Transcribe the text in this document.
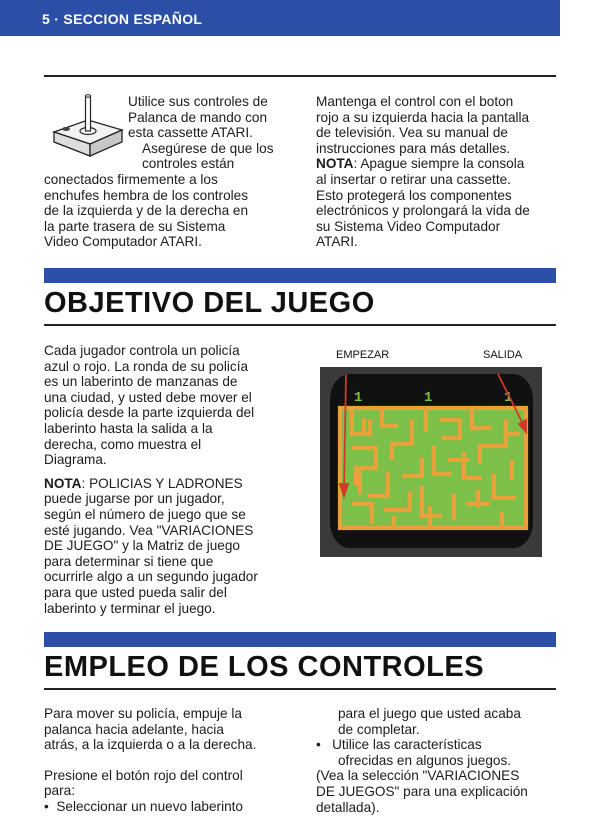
5 · SECCION ESPAÑOL

Utilice sus controles de

Palanca de mando con

esta cassette ATARI.

Asegúrese de que los

controles están

conectados firmemente a los

enchufes hembra de los controles

de la izquierda y de la derecha en

la parte trasera de su Sistema

Video Computador ATARI.

Mantenga el control con el boton

rojo a su izquierda hacia la pantalla

de televisión. Vea su manual de

instrucciones para más detalles.

NOTA: Apague siempre la consola

al insertar o retirar una cassette.

Esto protegerá los componentes

electrónicos y prolongará la vida de

su Sistema Video Computador

ATARI.

OBJETIVO DEL JUEGO

Cada jugador controla un policía

azul o rojo. La ronda de su policía

es un laberinto de manzanas de

una ciudad, y usted debe mover el

policía desde la parte izquierda del

laberinto hasta la salida a la

derecha, como muestra el

Diagrama.

NOTA: POLICIAS Y LADRONES

puede jugarse por un jugador,

según el número de juego que se

esté jugando. Vea "VARIACIONES

DE JUEGO" y la Matriz de juego

para determinar si tiene que

ocurrirle algo a un segundo jugador

para que usted pueda salir del

laberinto y terminar el juego.

EMPEZAR	SALIDA
1	1	1
EMPLEO DE LOS CONTROLES

Para mover su policía, empuje la

palanca hacia adelante, hacia

atrás, a la izquierda o a la derecha.

Presione el botón rojo del control

para:

•  Seleccionar un nuevo laberinto

para el juego que usted acaba

de completar.

•   Utilice las características

ofrecidas en algunos juegos.

(Vea la selección "VARIACIONES

DE JUEGOS" para una explicación

detallada).
